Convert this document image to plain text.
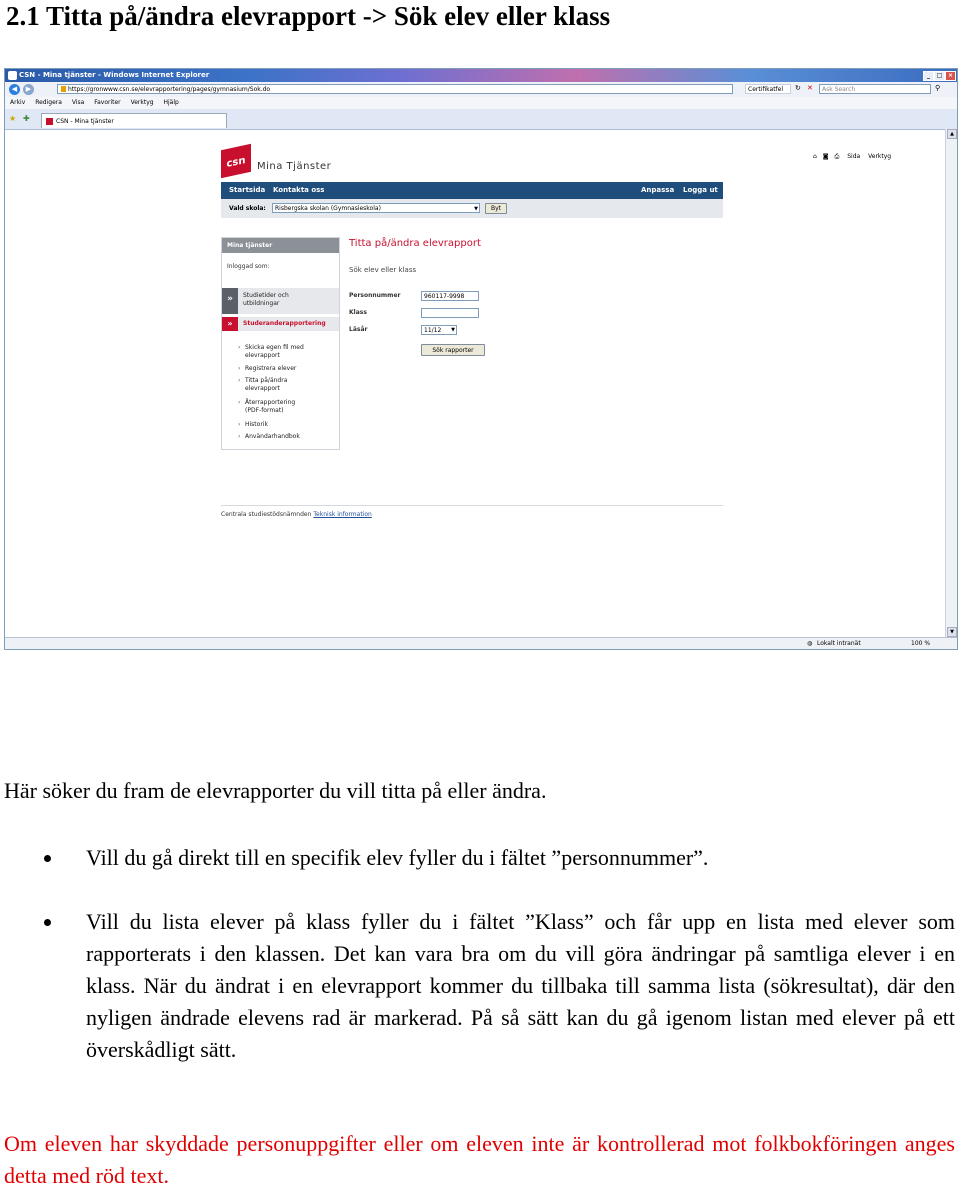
2.1 Titta på/ändra elevrapport -> Sök elev eller klass
CSN - Mina tjänster - Windows Internet Explorer	_	□ ×
◀	▶	https://gronwww.csn.se/elevrapportering/pages/gymnasium/Sok.do	Certifikatfel	↻ ✕	Ask Search	⚲
Arkiv Redigera Visa Favoriter Verktyg Hjälp
★ ✚	CSN - Mina tjänster
⌂ ◙ ⎙ Sida Verktyg
▲
▼
csn	Mina Tjänster
Startsida Kontakta oss	Anpassa Logga ut
Vald skola:	Risbergska skolan (Gymnasieskola)	▼	Byt
Mina tjänster
Inloggad som:
»	Studietider och
utbildningar
»	Studeranderapportering
› Skicka egen fil med
elevrapport
› Registrera elever
› Titta på/ändra
elevrapport
› Återrapportering
(PDF-format)
› Historik
› Användarhandbok
Titta på/ändra elevrapport
Sök elev eller klass
Personnummer	960117-9998
Klass
Läsår	11/12 ▼
Sök rapporter
Centrala studiestödsnämnden Teknisk information
◍ Lokalt intranät	100 %
Här söker du fram de elevrapporter du vill titta på eller ändra.
Vill du gå direkt till en specifik elev fyller du i fältet ”personnummer”.
Vill du lista elever på klass fyller du i fältet ”Klass” och får upp en lista med elever som rapporterats i den klassen. Det kan vara bra om du vill göra ändringar på samtliga elever i en klass. När du ändrat i en elevrapport kommer du tillbaka till samma lista (sökresultat), där den nyligen ändrade elevens rad är markerad. På så sätt kan du gå igenom listan med elever på ett överskådligt sätt.
Om eleven har skyddade personuppgifter eller om eleven inte är kontrollerad mot folkbokföringen anges detta med röd text.
